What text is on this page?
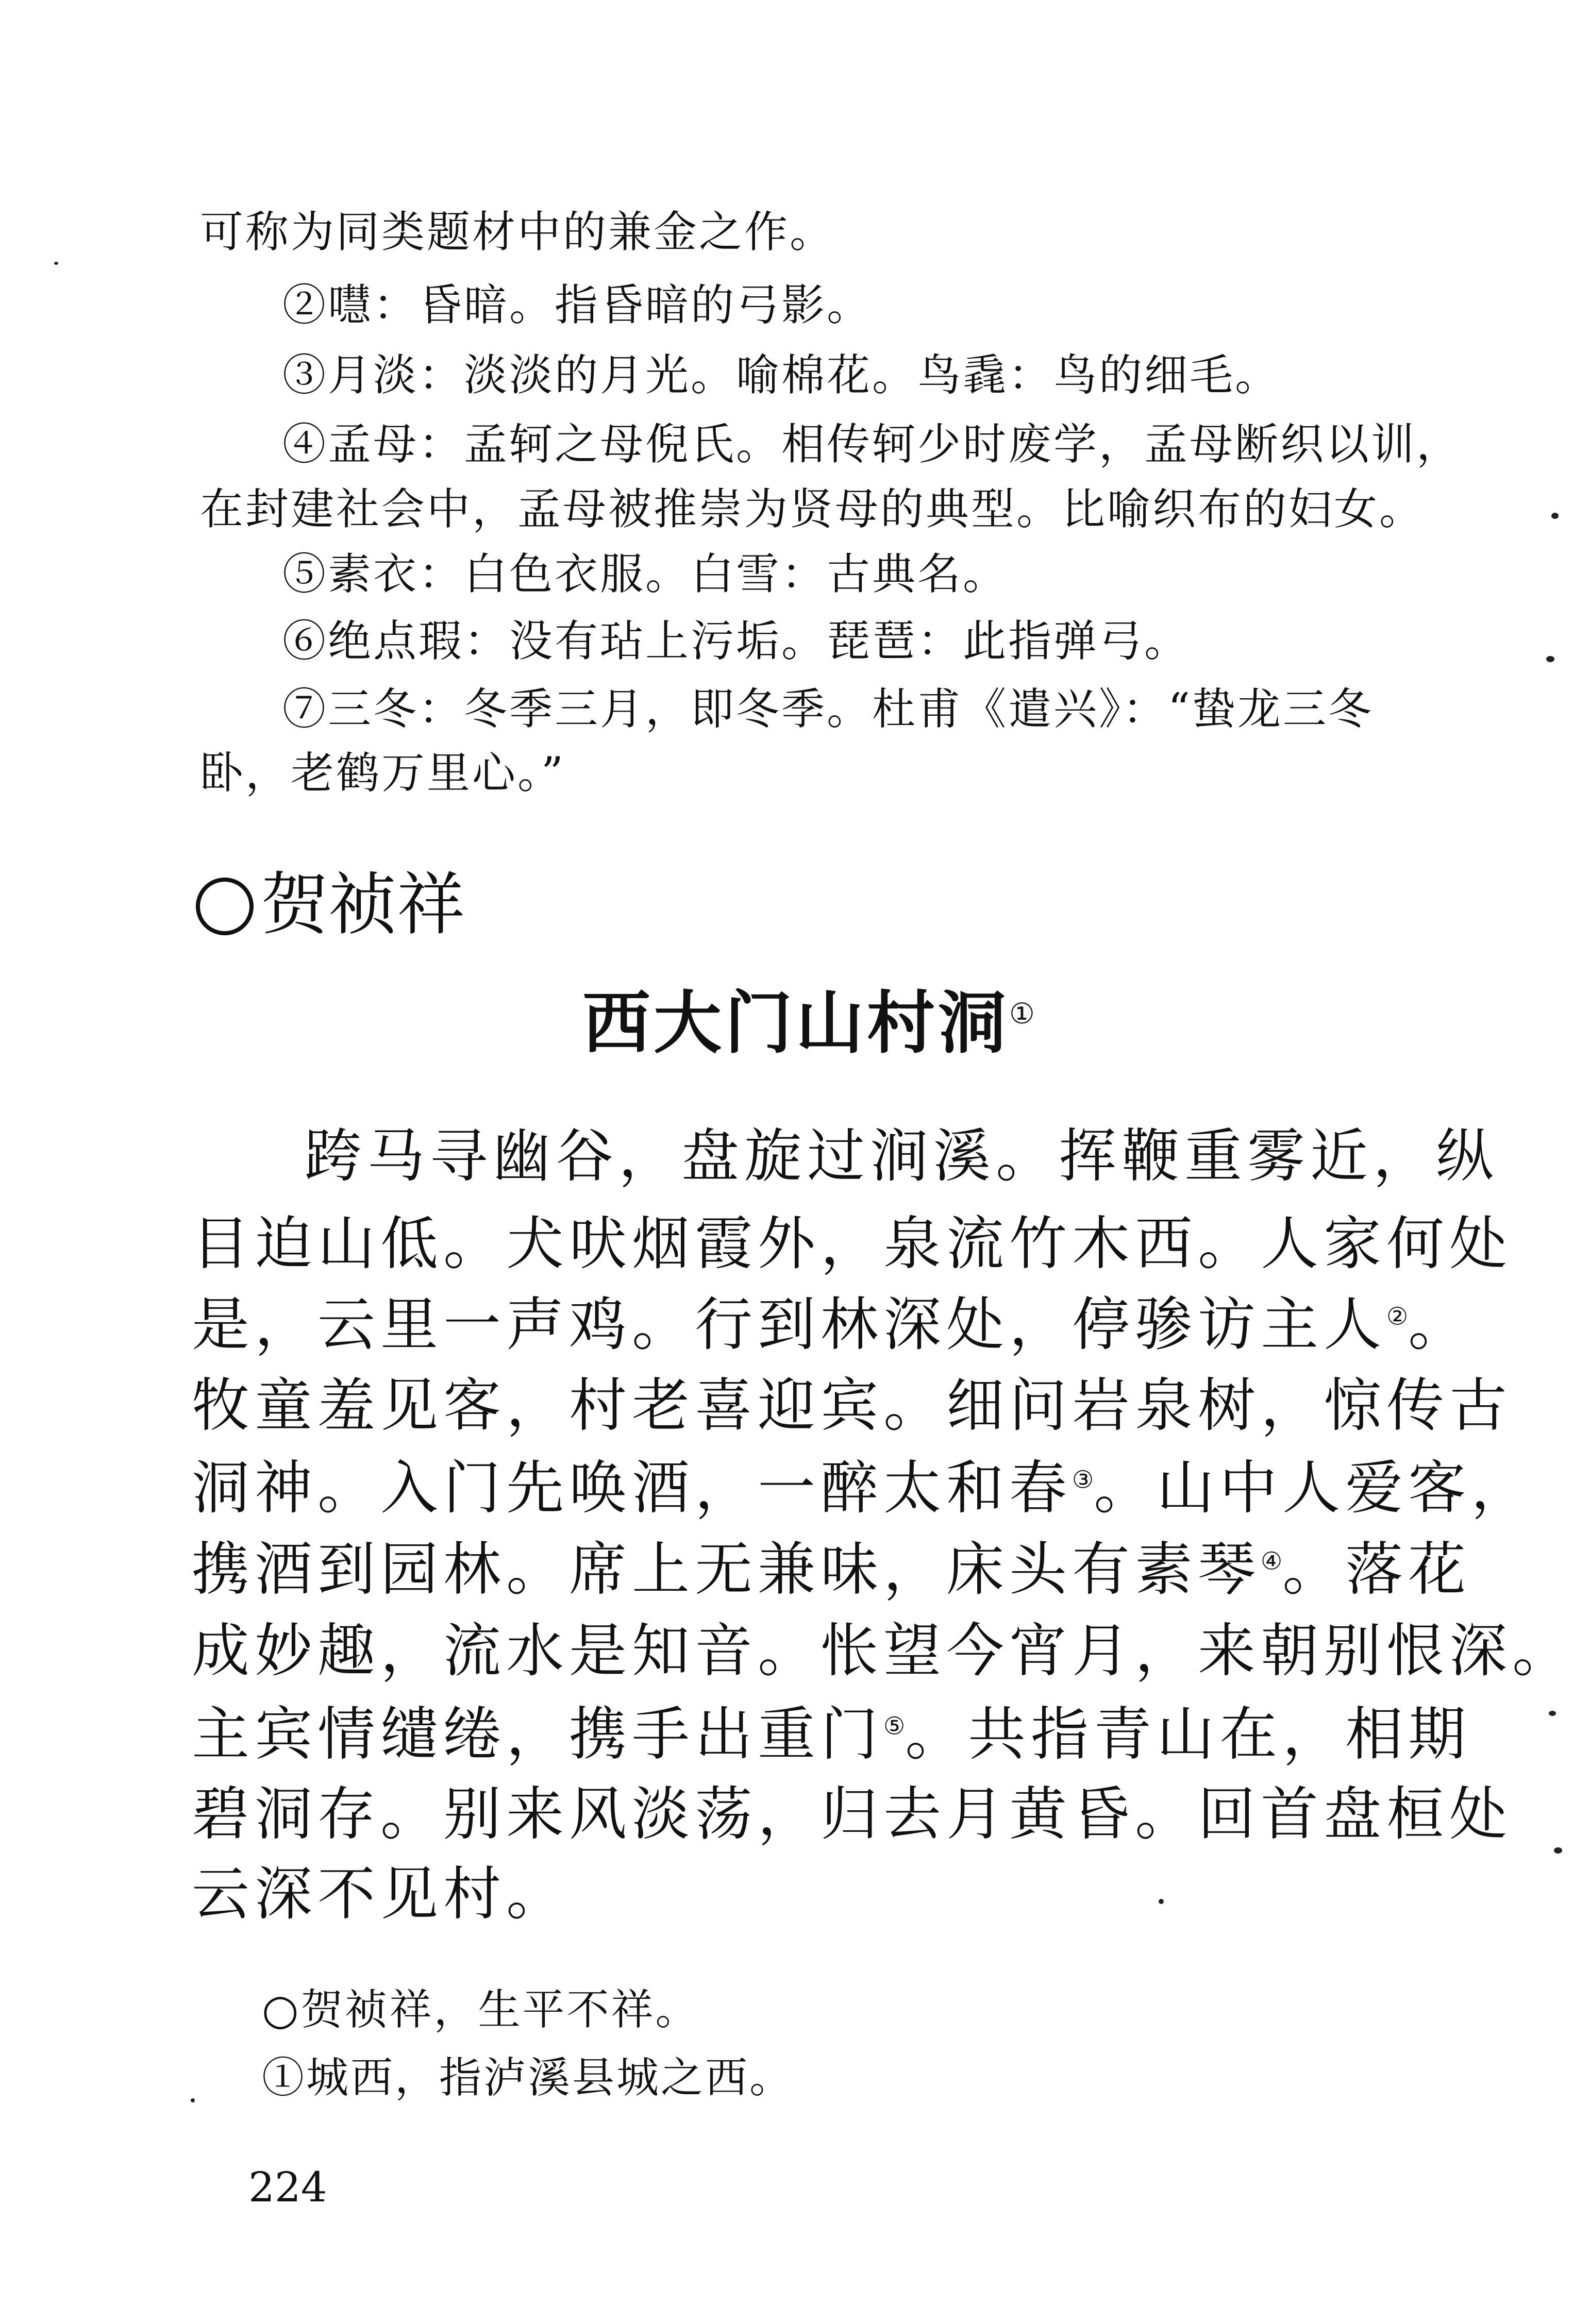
可称为同类题材中的兼金之作。
②嚖：昏暗。指昏暗的弓影。
③月淡：淡淡的月光。喻棉花。鸟毳：鸟的细毛。
④孟母：孟轲之母倪氏。相传轲少时废学，孟母断织以训，
在封建社会中，孟母被推崇为贤母的典型。比喻织布的妇女。
⑤素衣：白色衣服。白雪：古典名。
⑥绝点瑕：没有玷上污垢。琵琶：此指弹弓。
⑦三冬：冬季三月，即冬季。杜甫《遣兴》：“蛰龙三冬
卧，老鹤万里心。”
贺祯祥
西大门山村洞①
跨马寻幽谷，盘旋过涧溪。挥鞭重雾近，纵
目迫山低。犬吠烟霞外，泉流竹木西。人家何处
是，云里一声鸡。行到林深处，停骖访主人②。
牧童羞见客，村老喜迎宾。细问岩泉树，惊传古
洞神。入门先唤酒，一醉太和春③。山中人爱客，
携酒到园林。席上无兼味，床头有素琴④。落花
成妙趣，流水是知音。怅望今宵月，来朝别恨深。
主宾情缱绻，携手出重门⑤。共指青山在，相期
碧洞存。别来风淡荡，归去月黄昏。回首盘桓处
云深不见村。
○贺祯祥，生平不祥。
①城西，指泸溪县城之西。
224
